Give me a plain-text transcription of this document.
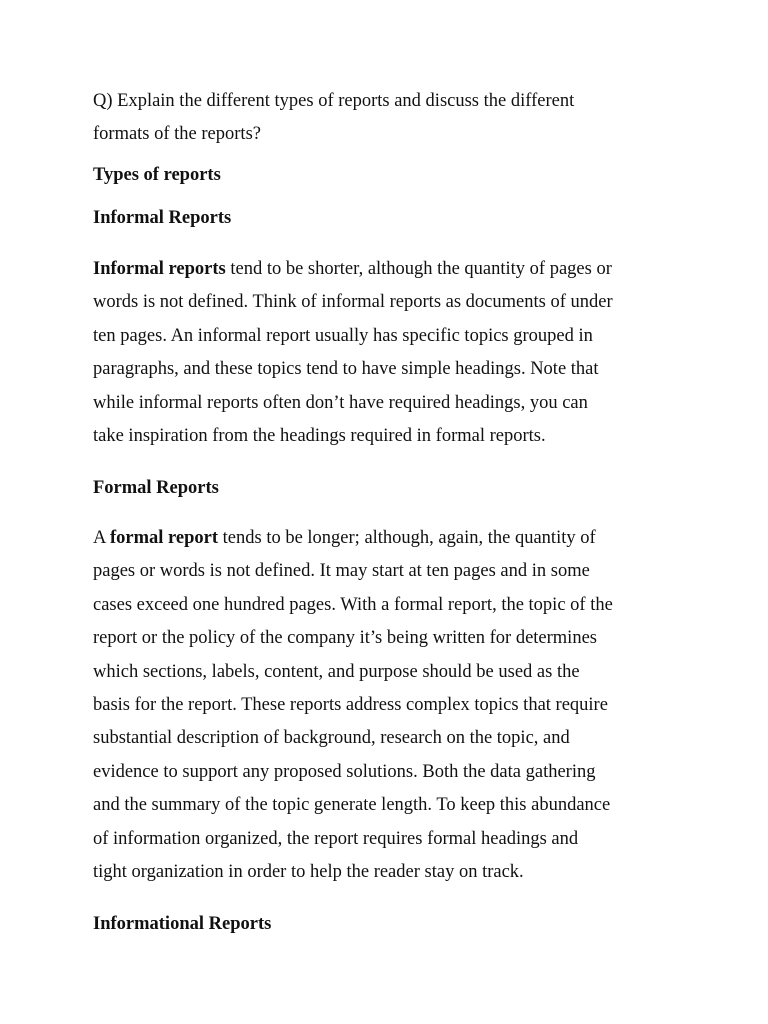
Q) Explain the different types of reports and discuss the different
formats of the reports?

Types of reports

Informal Reports

Informal reports tend to be shorter, although the quantity of pages or
words is not defined. Think of informal reports as documents of under
ten pages. An informal report usually has specific topics grouped in
paragraphs, and these topics tend to have simple headings. Note that
while informal reports often don’t have required headings, you can
take inspiration from the headings required in formal reports.

Formal Reports

A formal report tends to be longer; although, again, the quantity of
pages or words is not defined. It may start at ten pages and in some
cases exceed one hundred pages. With a formal report, the topic of the
report or the policy of the company it’s being written for determines
which sections, labels, content, and purpose should be used as the
basis for the report. These reports address complex topics that require
substantial description of background, research on the topic, and
evidence to support any proposed solutions. Both the data gathering
and the summary of the topic generate length. To keep this abundance
of information organized, the report requires formal headings and
tight organization in order to help the reader stay on track.

Informational Reports
